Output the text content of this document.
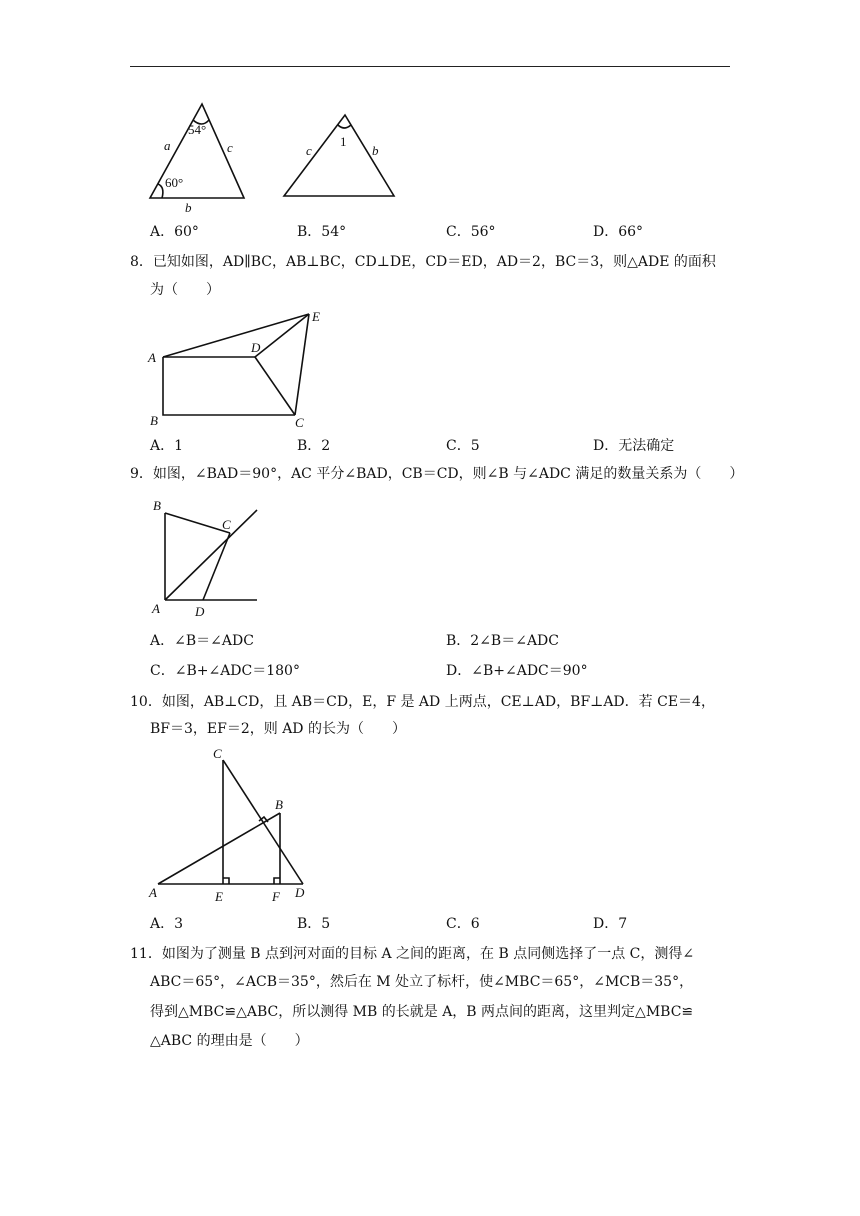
a	c
b
54°
60°
c	b
1
A．60°	B．54°	C．56°	D．66°
8．已知如图，AD∥BC，AB⊥BC，CD⊥DE，CD＝ED，AD＝2，BC＝3，则△ADE 的面积
为（　　）
A
B	C
D
E
A．1	B．2	C．5	D．无法确定
9．如图，∠BAD＝90°，AC 平分∠BAD，CB＝CD，则∠B 与∠ADC 满足的数量关系为（　　）
B
C
A	D
A．∠B＝∠ADC	B．2∠B＝∠ADC
C．∠B+∠ADC＝180°	D．∠B+∠ADC＝90°
10．如图，AB⊥CD，且 AB＝CD，E，F 是 AD 上两点，CE⊥AD，BF⊥AD．若 CE＝4，
BF＝3，EF＝2，则 AD 的长为（　　）
C
B
A	E	F D
A．3	B．5	C．6	D．7
11．如图为了测量 B 点到河对面的目标 A 之间的距离，在 B 点同侧选择了一点 C，测得∠
ABC＝65°，∠ACB＝35°，然后在 M 处立了标杆，使∠MBC＝65°，∠MCB＝35°，
得到△MBC≌△ABC，所以测得 MB 的长就是 A，B 两点间的距离，这里判定△MBC≌
△ABC 的理由是（　　）
